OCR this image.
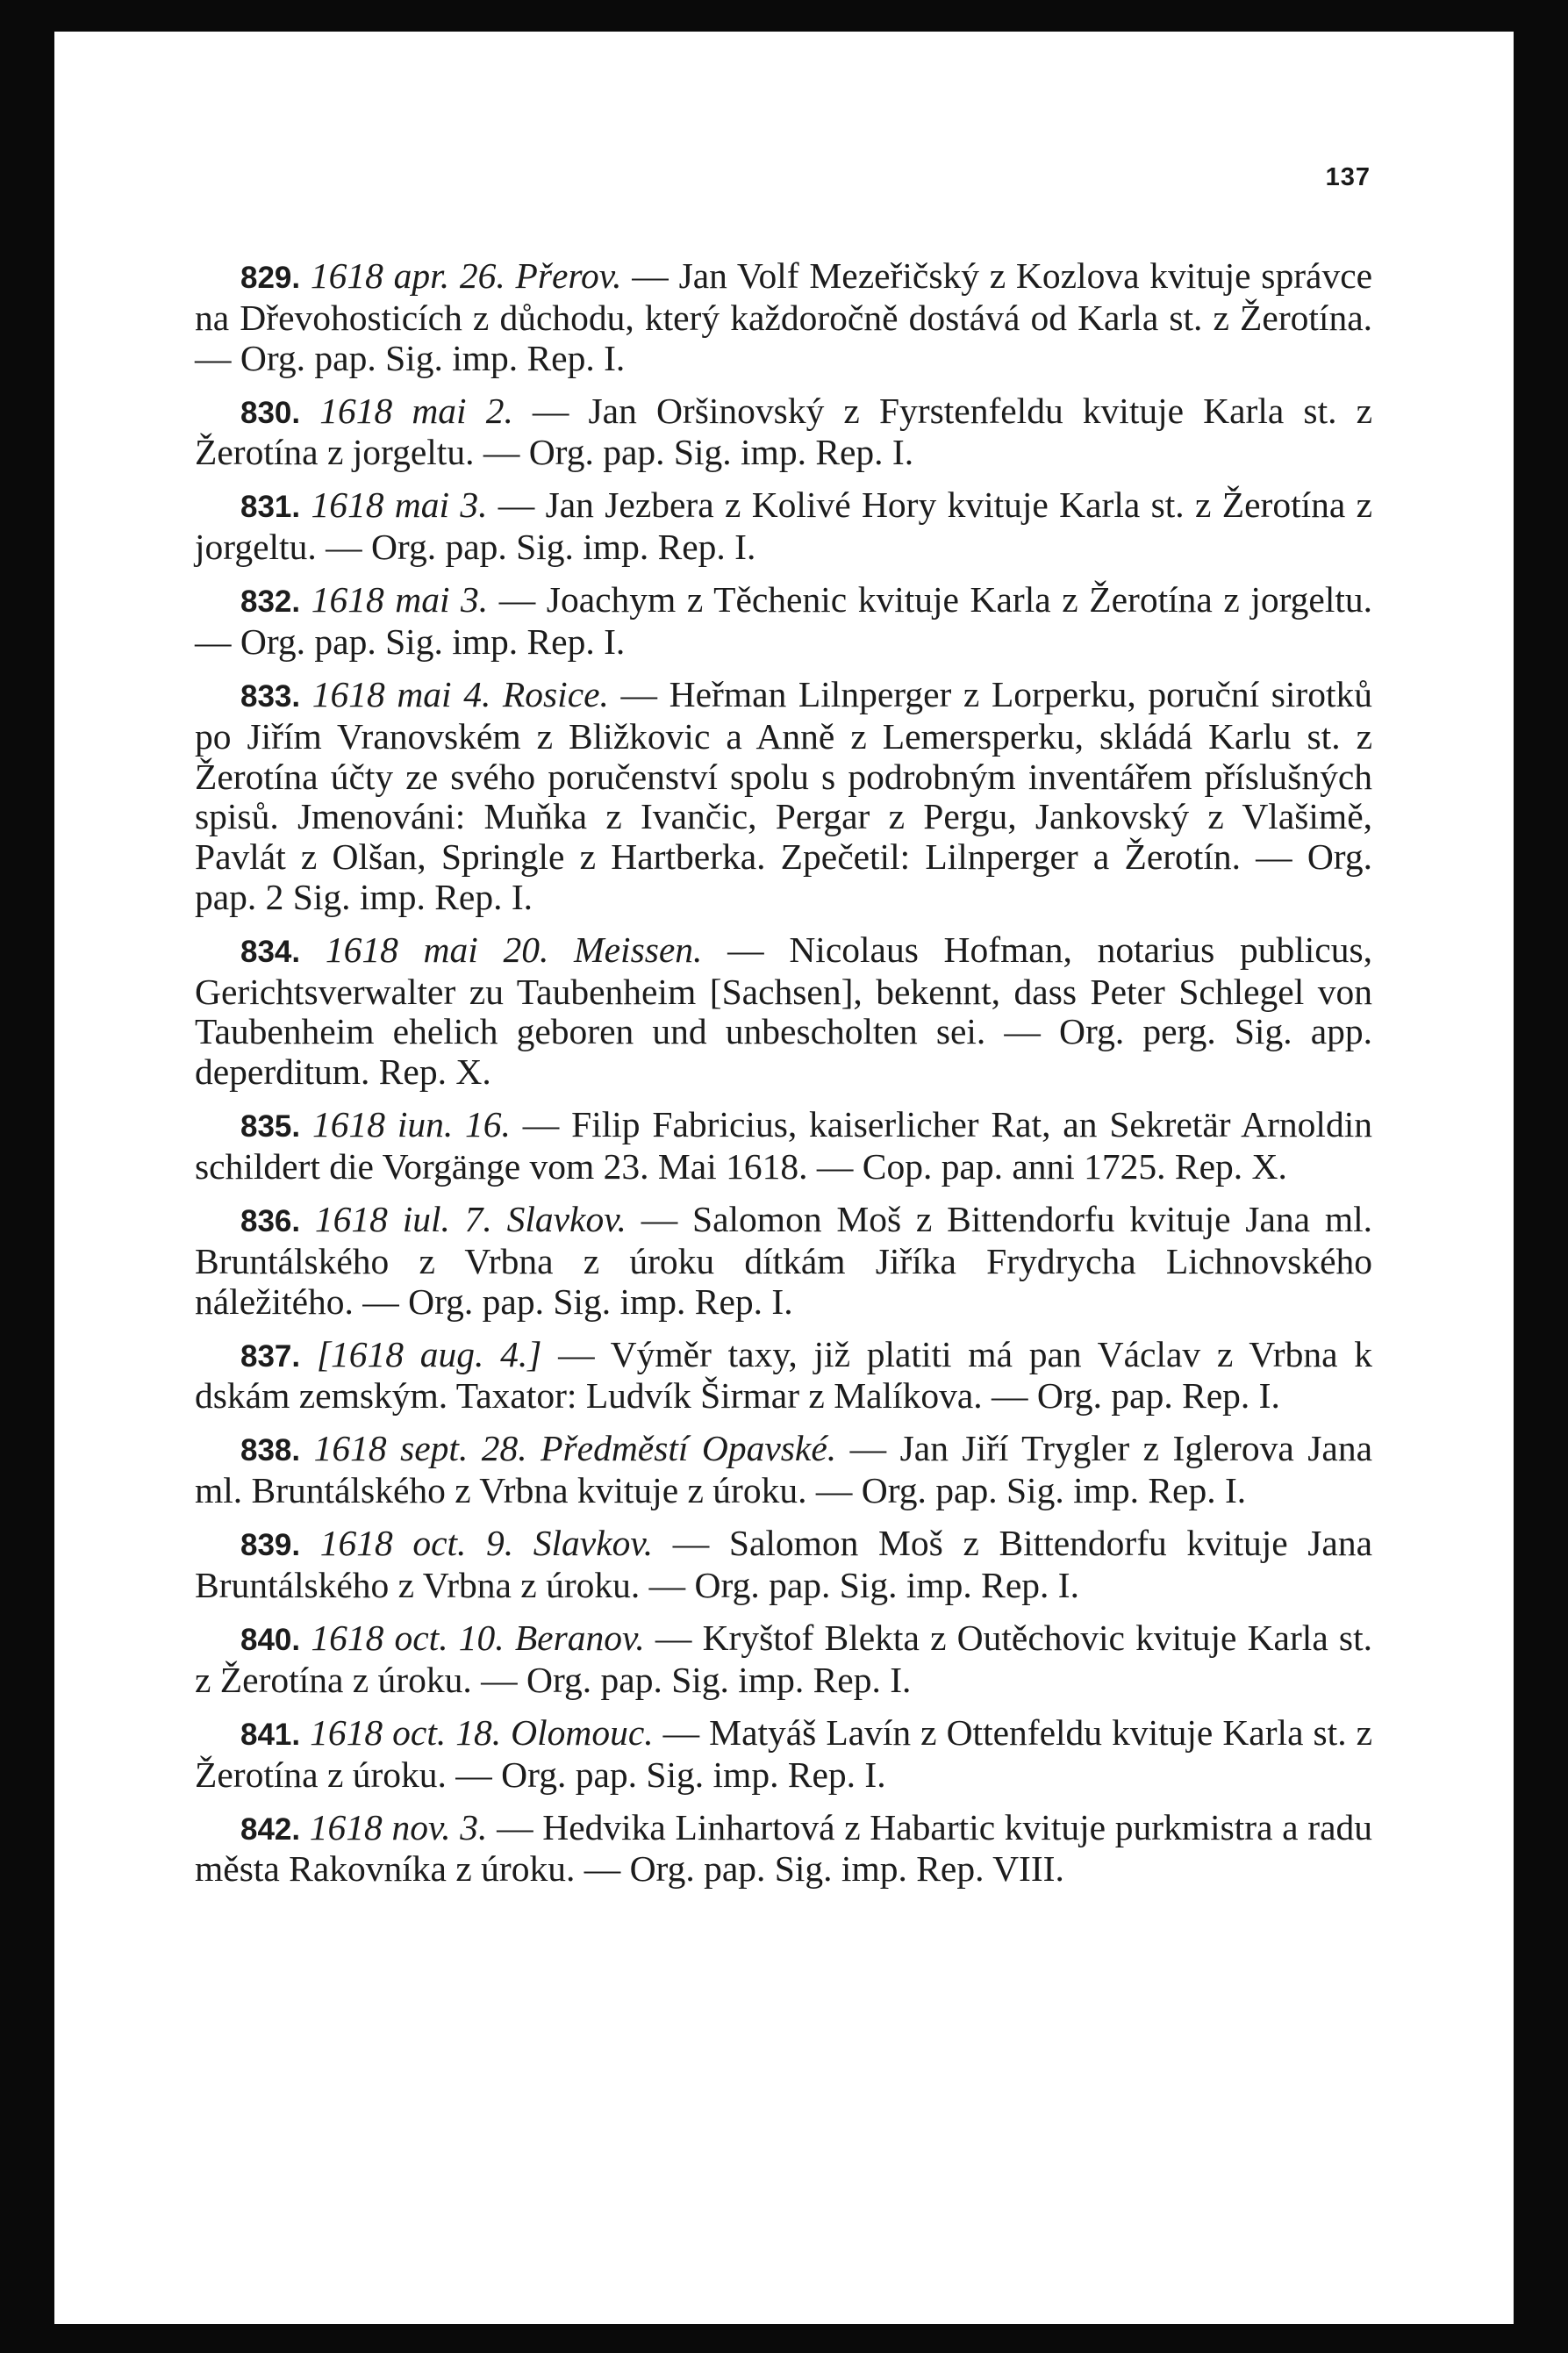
137

829. 1618 apr. 26. Přerov. — Jan Volf Mezeřičský z Kozlova kvituje správce na Dřevohosticích z důchodu, který každoročně dostává od Karla st. z Žerotína. — Org. pap. Sig. imp. Rep. I.

830. 1618 mai 2. — Jan Oršinovský z Fyrstenfeldu kvituje Karla st. z Žerotína z jorgeltu. — Org. pap. Sig. imp. Rep. I.

831. 1618 mai 3. — Jan Jezbera z Kolivé Hory kvituje Karla st. z Žerotína z jorgeltu. — Org. pap. Sig. imp. Rep. I.

832. 1618 mai 3. — Joachym z Těchenic kvituje Karla z Žerotína z jorgeltu. — Org. pap. Sig. imp. Rep. I.

833. 1618 mai 4. Rosice. — Heřman Lilnperger z Lorperku, poruční sirotků po Jiřím Vranovském z Bližkovic a Anně z Lemersperku, skládá Karlu st. z Žerotína účty ze svého poručenství spolu s podrobným inventářem příslušných spisů. Jmenováni: Muňka z Ivančic, Pergar z Pergu, Jankovský z Vlašimě, Pavlát z Olšan, Springle z Hartberka. Zpečetil: Lilnperger a Žerotín. — Org. pap. 2 Sig. imp. Rep. I.

834. 1618 mai 20. Meissen. — Nicolaus Hofman, notarius publicus, Gerichtsverwalter zu Taubenheim [Sachsen], bekennt, dass Peter Schlegel von Taubenheim ehelich geboren und unbescholten sei. — Org. perg. Sig. app. deperditum. Rep. X.

835. 1618 iun. 16. — Filip Fabricius, kaiserlicher Rat, an Sekretär Arnoldin schildert die Vorgänge vom 23. Mai 1618. — Cop. pap. anni 1725. Rep. X.

836. 1618 iul. 7. Slavkov. — Salomon Moš z Bittendorfu kvituje Jana ml. Bruntálského z Vrbna z úroku dítkám Jiříka Frydrycha Lichnovského náležitého. — Org. pap. Sig. imp. Rep. I.

837. [1618 aug. 4.] — Výměr taxy, již platiti má pan Václav z Vrbna k dskám zemským. Taxator: Ludvík Širmar z Malíkova. — Org. pap. Rep. I.

838. 1618 sept. 28. Předměstí Opavské. — Jan Jiří Trygler z Iglerova Jana ml. Bruntálského z Vrbna kvituje z úroku. — Org. pap. Sig. imp. Rep. I.

839. 1618 oct. 9. Slavkov. — Salomon Moš z Bittendorfu kvituje Jana Bruntálského z Vrbna z úroku. — Org. pap. Sig. imp. Rep. I.

840. 1618 oct. 10. Beranov. — Kryštof Blekta z Outěchovic kvituje Karla st. z Žerotína z úroku. — Org. pap. Sig. imp. Rep. I.

841. 1618 oct. 18. Olomouc. — Matyáš Lavín z Ottenfeldu kvituje Karla st. z Žerotína z úroku. — Org. pap. Sig. imp. Rep. I.

842. 1618 nov. 3. — Hedvika Linhartová z Habartic kvituje purkmistra a radu města Rakovníka z úroku. — Org. pap. Sig. imp. Rep. VIII.
